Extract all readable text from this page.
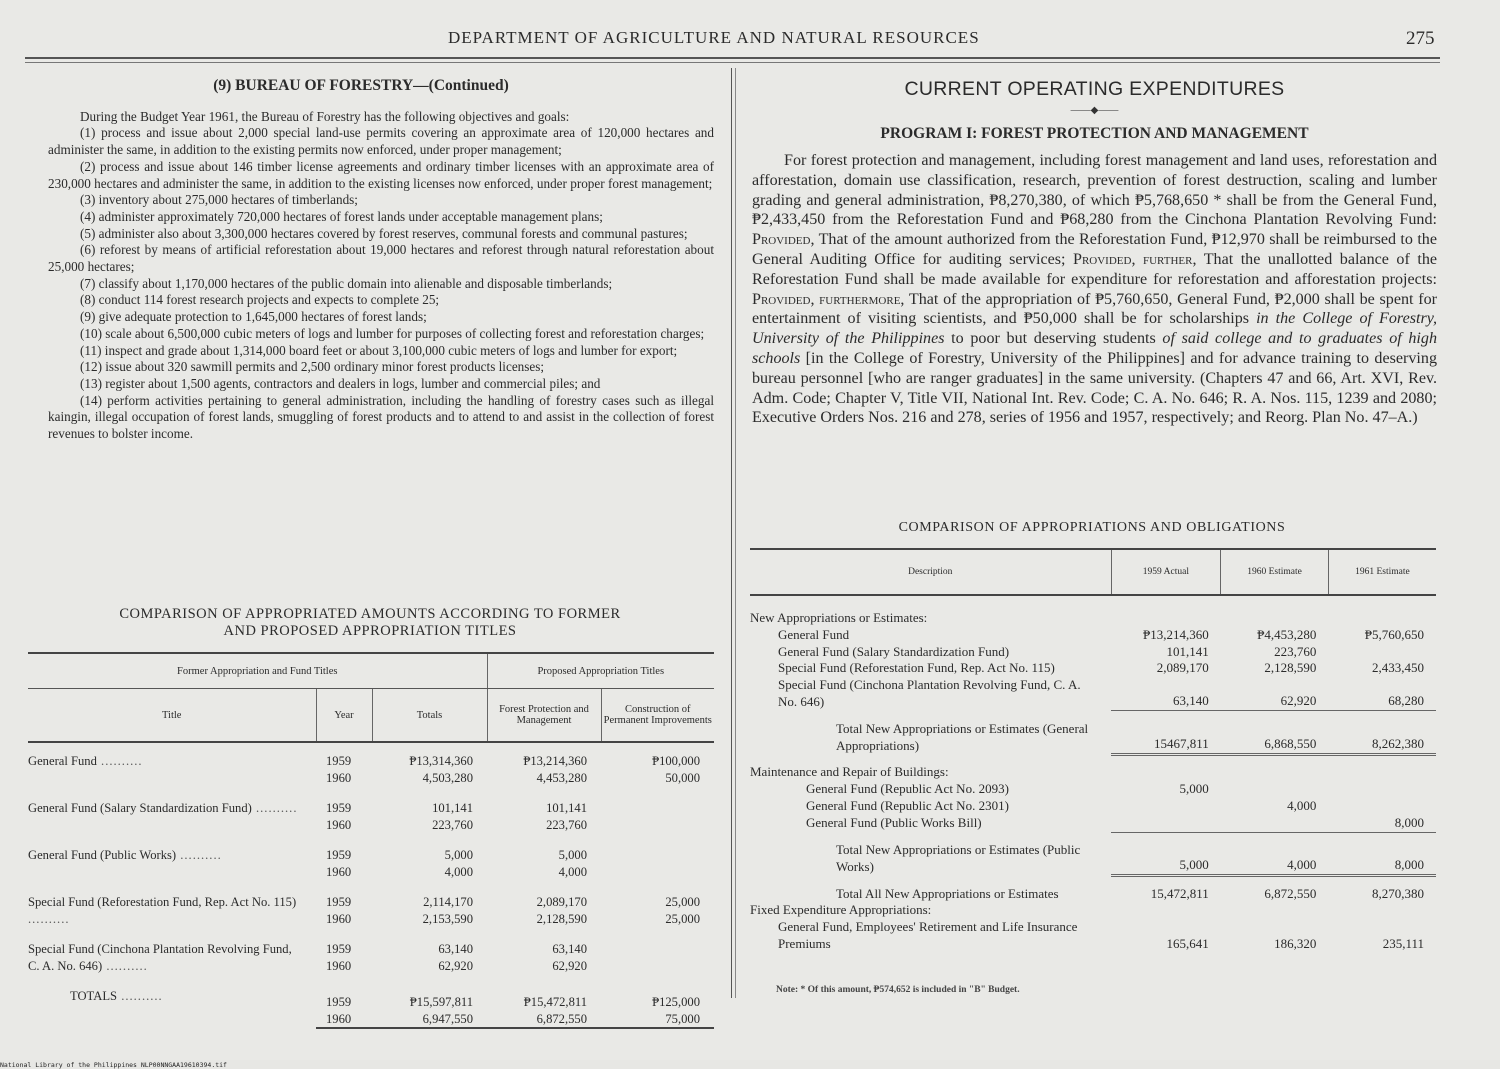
DEPARTMENT OF AGRICULTURE AND NATURAL RESOURCES	275
(9) BUREAU OF FORESTRY—(Continued)

During the Budget Year 1961, the Bureau of Forestry has the following objectives and goals:

(1) process and issue about 2,000 special land-use permits covering an approximate area of 120,000 hectares and administer the same, in addition to the existing permits now enforced, under proper management;

(2) process and issue about 146 timber license agreements and ordinary timber licenses with an approximate area of 230,000 hectares and administer the same, in addition to the existing licenses now enforced, under proper forest management;

(3) inventory about 275,000 hectares of timberlands;

(4) administer approximately 720,000 hectares of forest lands under acceptable management plans;

(5) administer also about 3,300,000 hectares covered by forest reserves, communal forests and communal pastures;

(6) reforest by means of artificial reforestation about 19,000 hectares and reforest through natural reforestation about 25,000 hectares;

(7) classify about 1,170,000 hectares of the public domain into alienable and disposable timberlands;

(8) conduct 114 forest research projects and expects to complete 25;

(9) give adequate protection to 1,645,000 hectares of forest lands;

(10) scale about 6,500,000 cubic meters of logs and lumber for purposes of collecting forest and reforestation charges;

(11) inspect and grade about 1,314,000 board feet or about 3,100,000 cubic meters of logs and lumber for export;

(12) issue about 320 sawmill permits and 2,500 ordinary minor forest products licenses;

(13) register about 1,500 agents, contractors and dealers in logs, lumber and commercial piles; and

(14) perform activities pertaining to general administration, including the handling of forestry cases such as illegal kaingin, illegal occupation of forest lands, smuggling of forest products and to attend to and assist in the collection of forest revenues to bolster income.

COMPARISON OF APPROPRIATED AMOUNTS ACCORDING TO FORMER
AND PROPOSED APPROPRIATION TITLES
Former Appropriation and Fund Titles			Proposed Appropriation Titles	
Title	Year	Totals	Forest Protection and Management	Construction of Permanent Improvements
General Fund ..........	1959	₱13,314,360	₱13,214,360	₱100,000
	1960	4,503,280	4,453,280	50,000
General Fund (Salary Standardization Fund) ..........	1959	101,141	101,141	
	1960	223,760	223,760	
General Fund (Public Works) ..........	1959	5,000	5,000	
	1960	4,000	4,000	
Special Fund (Reforestation Fund, Rep. Act No. 115) ..........	1959	2,114,170	2,089,170	25,000
	1960	2,153,590	2,128,590	25,000
Special Fund (Cinchona Plantation Revolving Fund, C. A. No. 646) ..........	1959	63,140	63,140	
	1960	62,920	62,920	
TOTALS ..........	1959	₱15,597,811	₱15,472,811	₱125,000
	1960	6,947,550	6,872,550	75,000
CURRENT OPERATING EXPENDITURES
——◆——
PROGRAM I: FOREST PROTECTION AND MANAGEMENT

For forest protection and management, including forest management and land uses, reforestation and afforestation, domain use classification, research, prevention of forest destruction, scaling and lumber grading and general administration, ₱8,270,380, of which ₱5,768,650 * shall be from the General Fund, ₱2,433,450 from the Reforestation Fund and ₱68,280 from the Cinchona Plantation Revolving Fund: Provided, That of the amount authorized from the Reforestation Fund, ₱12,970 shall be reimbursed to the General Auditing Office for auditing services; Provided, further, That the unallotted balance of the Reforestation Fund shall be made available for expenditure for reforestation and afforestation projects: Provided, furthermore, That of the appropriation of ₱5,760,650, General Fund, ₱2,000 shall be spent for entertainment of visiting scientists, and ₱50,000 shall be for scholarships in the College of Forestry, University of the Philippines to poor but deserving students of said college and to graduates of high schools [in the College of Forestry, University of the Philippines] and for advance training to deserving bureau personnel [who are ranger graduates] in the same university. (Chapters 47 and 66, Art. XVI, Rev. Adm. Code; Chapter V, Title VII, National Int. Rev. Code; C. A. No. 646; R. A. Nos. 115, 1239 and 2080; Executive Orders Nos. 216 and 278, series of 1956 and 1957, respectively; and Reorg. Plan No. 47–A.)

COMPARISON OF APPROPRIATIONS AND OBLIGATIONS
Description	1959 Actual	1960 Estimate	1961 Estimate
New Appropriations or Estimates:			
General Fund	₱13,214,360	₱4,453,280	₱5,760,650
General Fund (Salary Standardization Fund)	101,141	223,760	
Special Fund (Reforestation Fund, Rep. Act No. 115)	2,089,170	2,128,590	2,433,450
Special Fund (Cinchona Plantation Revolving Fund, C. A. No. 646)	63,140	62,920	68,280
Total New Appropriations or Estimates (General Appropriations)	15467,811	6,868,550	8,262,380
Maintenance and Repair of Buildings:			
General Fund (Republic Act No. 2093)	5,000		
General Fund (Republic Act No. 2301)		4,000	
General Fund (Public Works Bill)			8,000
Total New Appropriations or Estimates (Public Works)	5,000	4,000	8,000
Total All New Appropriations or Estimates	15,472,811	6,872,550	8,270,380
Fixed Expenditure Appropriations:			
General Fund, Employees' Retirement and Life Insurance Premiums	165,641	186,320	235,111
Note: * Of this amount, ₱574,652 is included in "B" Budget.
National Library of the Philippines NLP00NNGAA19610394.tif
